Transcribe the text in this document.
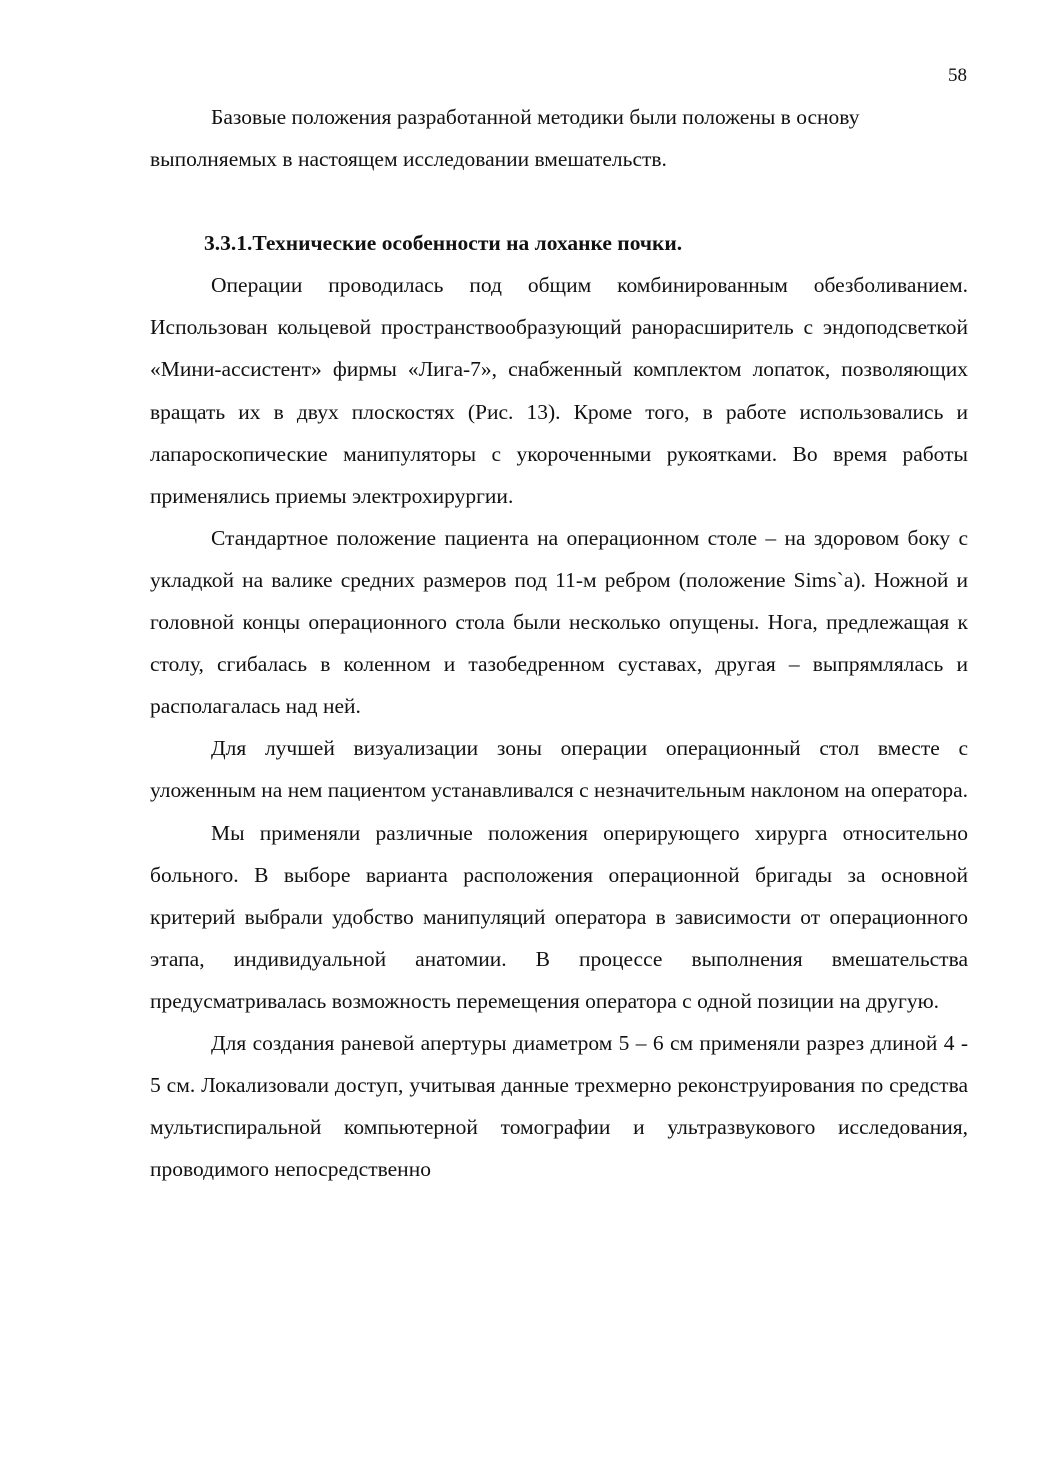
58

Базовые положения разработанной методики были положены в основу выполняемых в настоящем исследовании вмешательств.

3.3.1.Технические особенности на лоханке почки.

Операции проводилась под общим комбинированным обезболиванием. Использован кольцевой пространствообразующий ранорасширитель с эндоподсветкой «Мини-ассистент» фирмы «Лига-7», снабженный комплектом лопаток, позволяющих вращать их в двух плоскостях (Рис. 13). Кроме того, в работе использовались и лапароскопические манипуляторы с укороченными рукоятками. Во время работы применялись приемы электрохирургии.

Стандартное положение пациента на операционном столе – на здоровом боку с укладкой на валике средних размеров под 11-м ребром (положение Sims`a). Ножной и головной концы операционного стола были несколько опущены. Нога, предлежащая к столу, сгибалась в коленном и тазобедренном суставах, другая – выпрямлялась и располагалась над ней.

Для лучшей визуализации зоны операции операционный стол вместе с уложенным на нем пациентом устанавливался с незначительным наклоном на оператора.

Мы применяли различные положения оперирующего хирурга относительно больного. В выборе варианта расположения операционной бригады за основной критерий выбрали удобство манипуляций оператора в зависимости от операционного этапа, индивидуальной анатомии. В процессе выполнения вмешательства предусматривалась возможность перемещения оператора с одной позиции на другую.

Для создания раневой апертуры диаметром 5 – 6 см применяли разрез длиной 4 - 5 см. Локализовали доступ, учитывая данные трехмерно реконструирования по средства мультиспиральной компьютерной томографии и ультразвукового исследования, проводимого непосредственно
